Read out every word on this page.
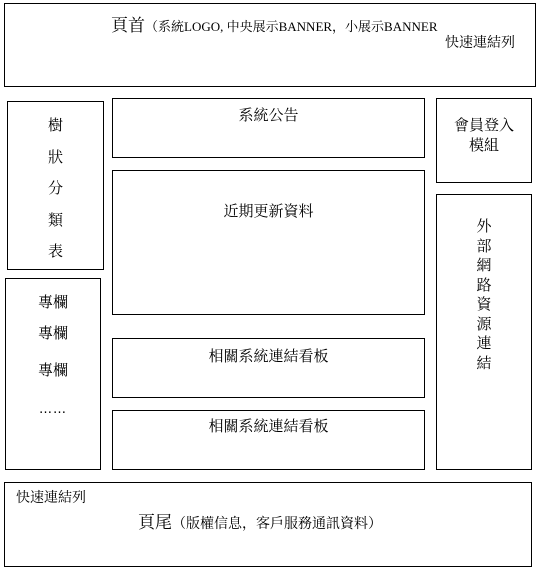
頁首（系統LOGO, 中央展示BANNER，小展示BANNER
快速連結列
樹
狀
分
類
表
專欄
專欄
專欄
……
系統公告
近期更新資料
相關系統連結看板
相關系統連結看板
會員登入
模組
外
部
網
路
資
源
連
結
快速連結列
頁尾（版權信息，客戶服務通訊資料）
